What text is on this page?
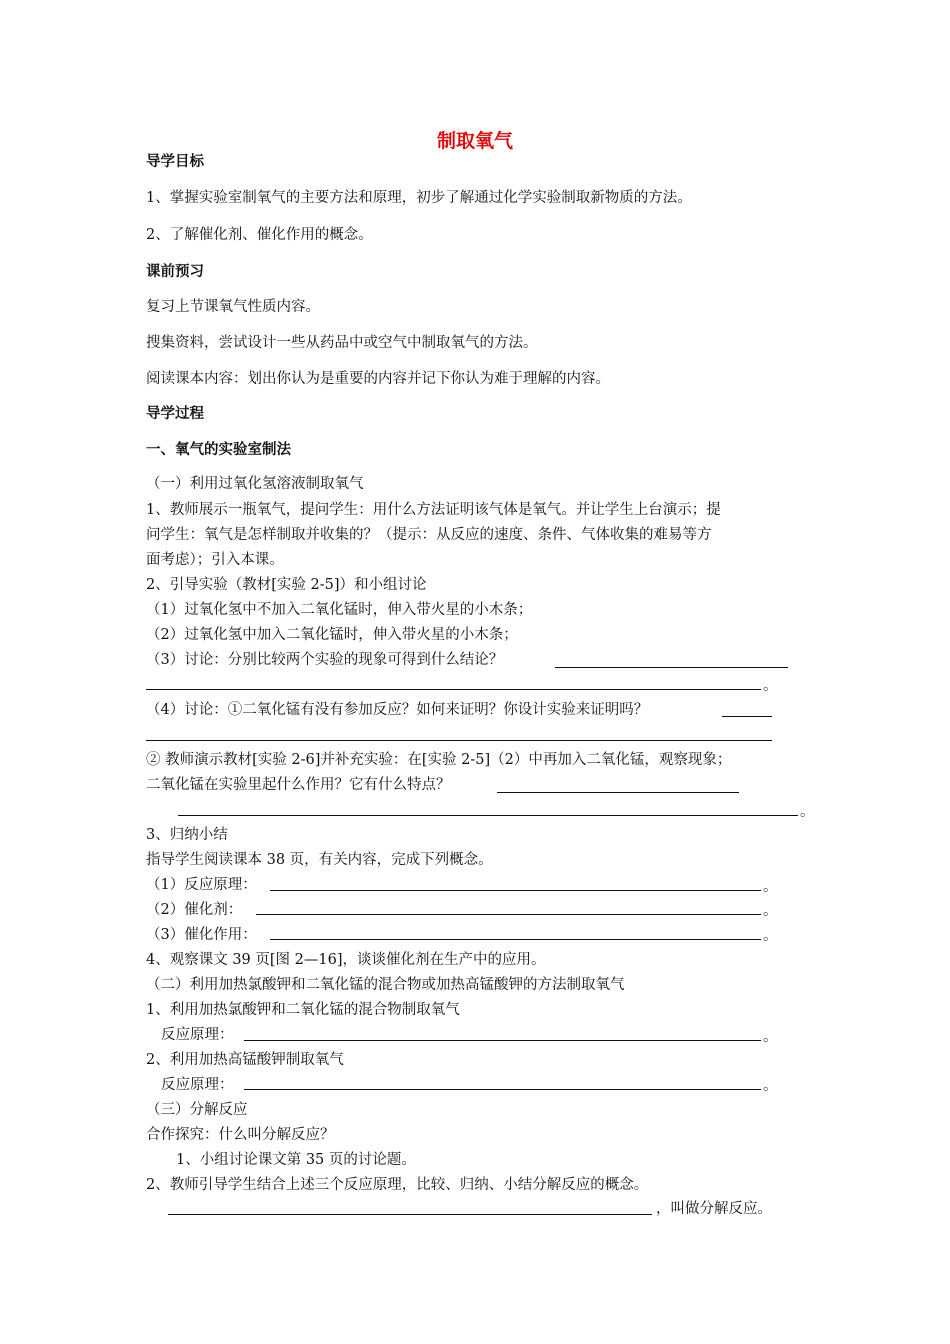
制取氧气
导学目标
1、掌握实验室制氧气的主要方法和原理，初步了解通过化学实验制取新物质的方法。
2、了解催化剂、催化作用的概念。
课前预习
复习上节课氧气性质内容。
搜集资料，尝试设计一些从药品中或空气中制取氧气的方法。
阅读课本内容：划出你认为是重要的内容并记下你认为难于理解的内容。
导学过程
一、氧气的实验室制法
（一）利用过氧化氢溶液制取氧气
1、教师展示一瓶氧气，提问学生：用什么方法证明该气体是氧气。并让学生上台演示；提
问学生：氧气是怎样制取并收集的？（提示：从反应的速度、条件、气体收集的难易等方
面考虑）；引入本课。
2、引导实验（教材[实验 2-5]）和小组讨论
（1）过氧化氢中不加入二氧化锰时，伸入带火星的小木条；
（2）过氧化氢中加入二氧化锰时，伸入带火星的小木条；
（3）讨论：分别比较两个实验的现象可得到什么结论？
。
（4）讨论：①二氧化锰有没有参加反应？如何来证明？你设计实验来证明吗？
② 教师演示教材[实验 2-6]并补充实验：在[实验 2-5]（2）中再加入二氧化锰，观察现象；
二氧化锰在实验里起什么作用？它有什么特点？
。
3、归纳小结
指导学生阅读课本 38 页，有关内容，完成下列概念。
（1）反应原理：	。
（2）催化剂：	。
（3）催化作用：	。
4、观察课文 39 页[图 2—16]，谈谈催化剂在生产中的应用。
（二）利用加热氯酸钾和二氧化锰的混合物或加热高锰酸钾的方法制取氧气
1、利用加热氯酸钾和二氧化锰的混合物制取氧气
反应原理：	。
2、利用加热高锰酸钾制取氧气
反应原理：	。
（三）分解反应
合作探究：什么叫分解反应？
1、小组讨论课文第 35 页的讨论题。
2、教师引导学生结合上述三个反应原理，比较、归纳、小结分解反应的概念。
，叫做分解反应。
